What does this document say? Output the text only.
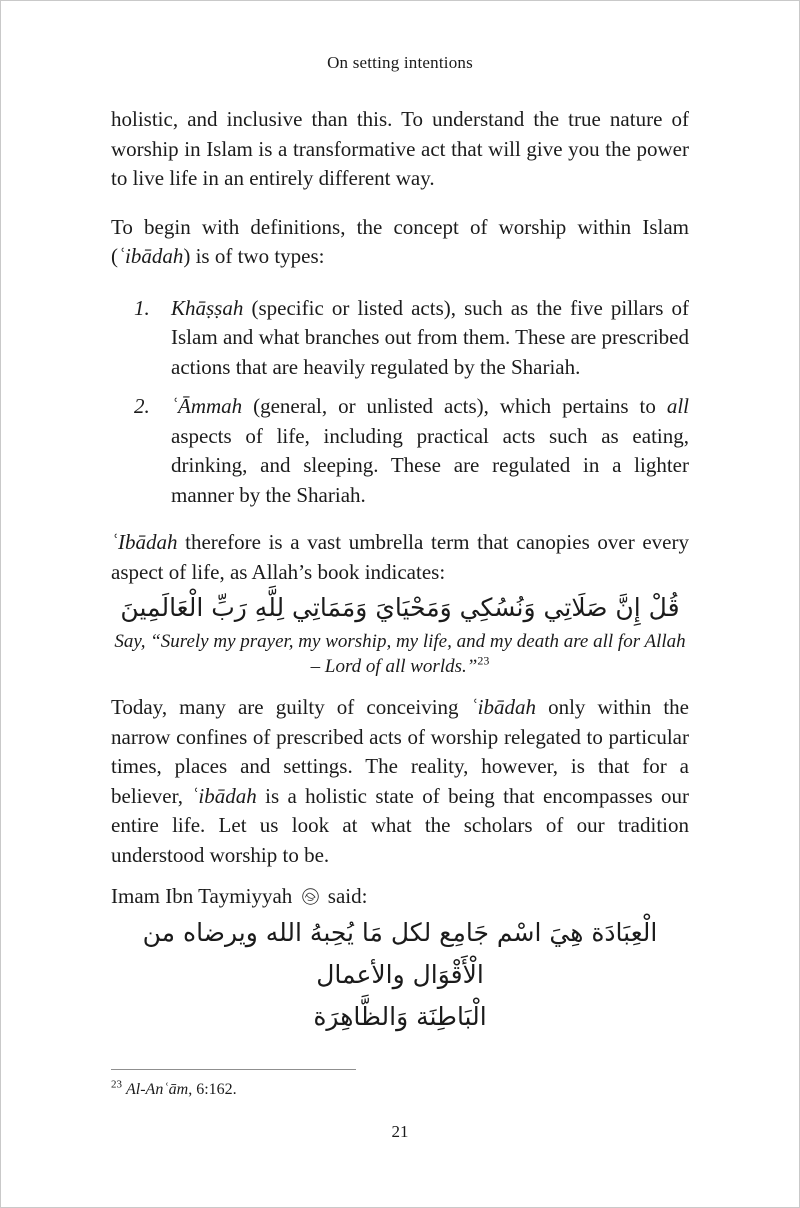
On setting intentions

holistic, and inclusive than this. To understand the true nature of worship in Islam is a transformative act that will give you the power to live life in an entirely different way.

To begin with definitions, the concept of worship within Islam (ʿibādah) is of two types:

1.	Khāṣṣah (specific or listed acts), such as the five pillars of Islam and what branches out from them. These are prescribed actions that are heavily regulated by the Shariah.
2.	ʿĀmmah (general, or unlisted acts), which pertains to all aspects of life, including practical acts such as eating, drinking, and sleeping. These are regulated in a lighter manner by the Shariah.

ʿIbādah therefore is a vast umbrella term that canopies over every aspect of life, as Allah’s book indicates:

قُلْ إِنَّ صَلَاتِي وَنُسُكِي وَمَحْيَايَ وَمَمَاتِي لِلَّهِ رَبِّ الْعَالَمِينَ

Say, “Surely my prayer, my worship, my life, and my death are all for Allah
– Lord of all worlds.”$^{23}$

Today, many are guilty of conceiving ʿibādah only within the narrow confines of prescribed acts of worship relegated to particular times, places and settings. The reality, however, is that for a believer, ʿibādah is a holistic state of being that encompasses our entire life. Let us look at what the scholars of our tradition understood worship to be.

Imam Ibn Taymiyyah  said:

الْعِبَادَة هِيَ اسْم جَامِع لكل مَا يُحِبهُ الله ويرضاه من الْأَقْوَال والأعمال
الْبَاطِنَة وَالظَّاهِرَة

$^{23}$ Al-Anʿām, 6:162.

21
